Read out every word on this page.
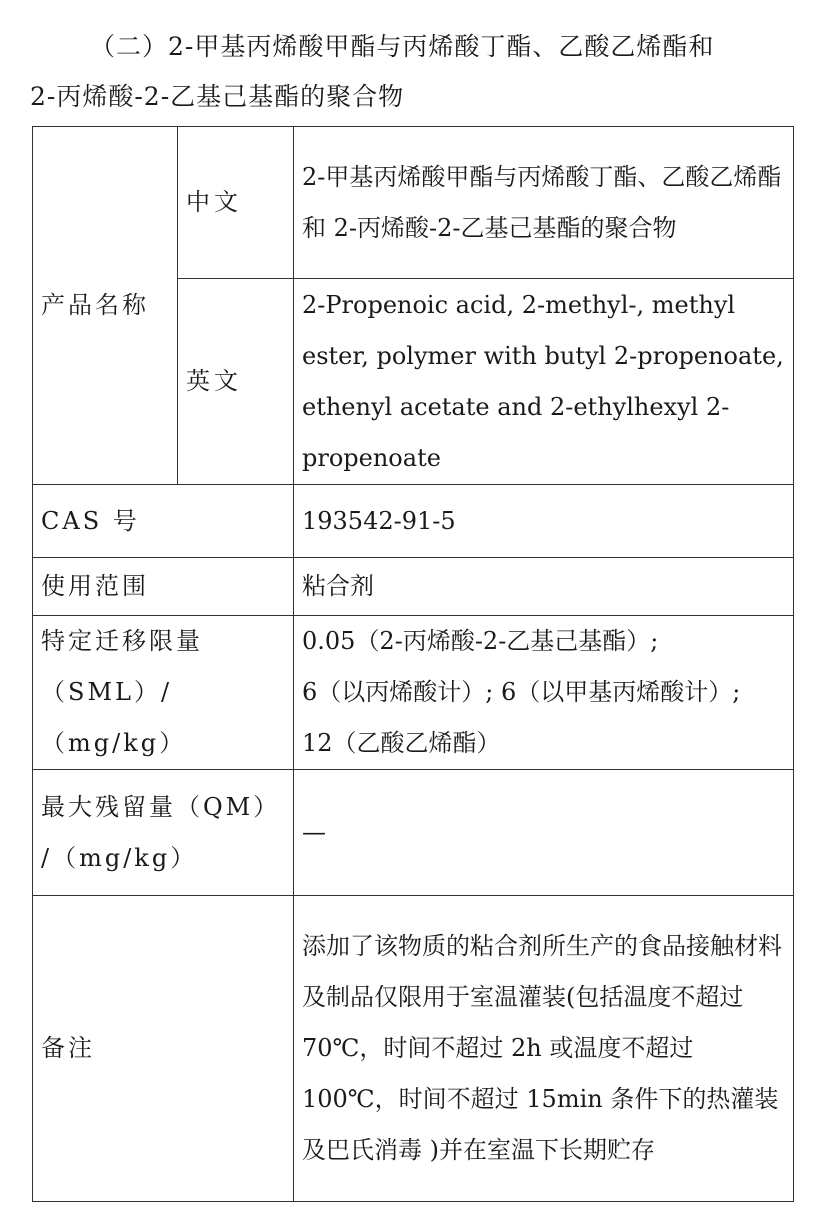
（二）2-甲基丙烯酸甲酯与丙烯酸丁酯、乙酸乙烯酯和
2-丙烯酸-2-乙基己基酯的聚合物
产品名称	中文	2-甲基丙烯酸甲酯与丙烯酸丁酯、乙酸乙烯酯和 2-丙烯酸-2-乙基己基酯的聚合物
	英文	2-Propenoic acid, 2-methyl-, methyl ester, polymer with butyl 2-propenoate, ethenyl acetate and 2-ethylhexyl 2-propenoate
CAS 号		193542-91-5
使用范围		粘合剂

特定迁移限量
（SML）/（mg/kg）		0.05（2-丙烯酸-2-乙基己基酯）;
6（以丙烯酸计）; 6（以甲基丙烯酸计）;
12（乙酸乙烯酯）

最大残留量（QM）
/（mg/kg）		—
备注		添加了该物质的粘合剂所生产的食品接触材料及制品仅限用于室温灌装(包括温度不超过 70℃，时间不超过 2h 或温度不超过 100℃，时间不超过 15min 条件下的热灌装及巴氏消毒 )并在室温下长期贮存
